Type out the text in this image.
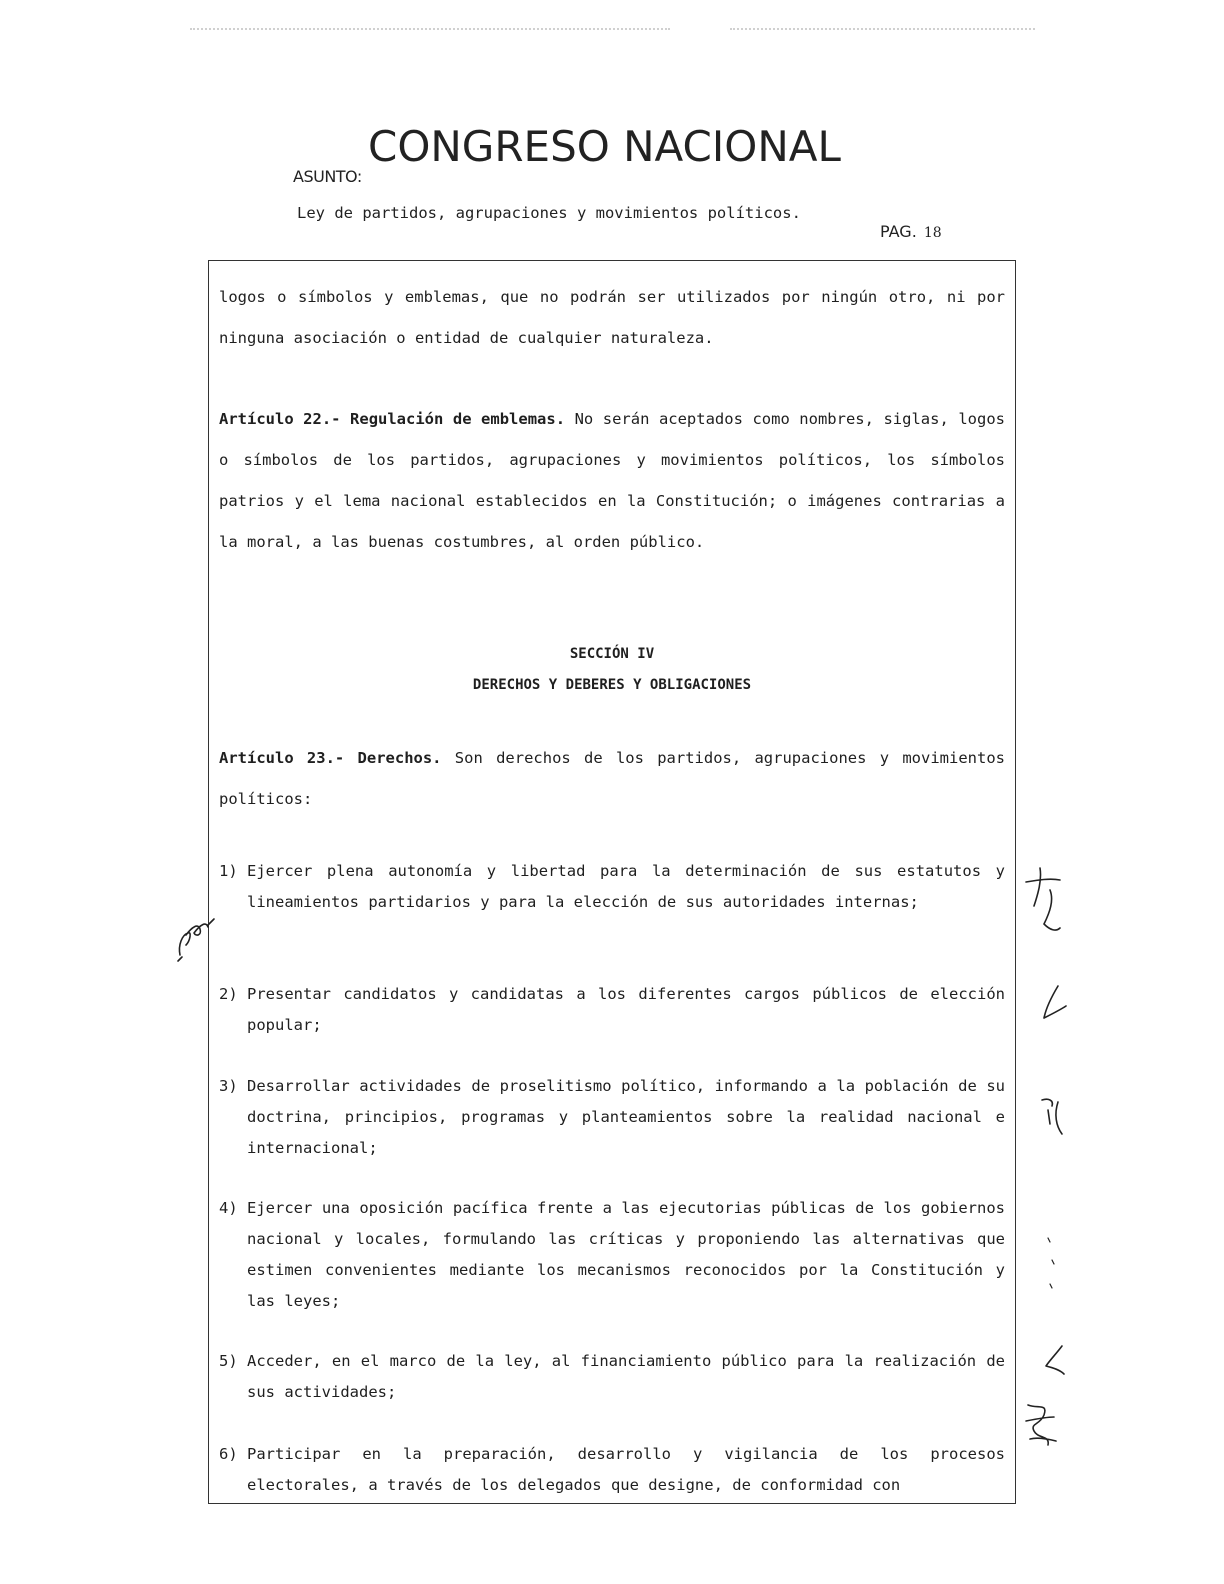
CONGRESO NACIONAL
ASUNTO:
Ley de partidos, agrupaciones y movimientos políticos.
PAG. 18
logos o símbolos y emblemas, que no podrán ser utilizados por ningún otro, ni por ninguna asociación o entidad de cualquier naturaleza.
Artículo 22.- Regulación de emblemas. No serán aceptados como nombres, siglas, logos o símbolos de los partidos, agrupaciones y movimientos políticos, los símbolos patrios y el lema nacional establecidos en la Constitución; o imágenes contrarias a la moral, a las buenas costumbres, al orden público.
SECCIÓN IV
DERECHOS Y DEBERES Y OBLIGACIONES
Artículo 23.- Derechos. Son derechos de los partidos, agrupaciones y movimientos políticos:
1) Ejercer plena autonomía y libertad para la determinación de sus estatutos y lineamientos partidarios y para la elección de sus autoridades internas;
2) Presentar candidatos y candidatas a los diferentes cargos públicos de elección popular;
3) Desarrollar actividades de proselitismo político, informando a la población de su doctrina, principios, programas y planteamientos sobre la realidad nacional e internacional;
4) Ejercer una oposición pacífica frente a las ejecutorias públicas de los gobiernos nacional y locales, formulando las críticas y proponiendo las alternativas que estimen convenientes mediante los mecanismos reconocidos por la Constitución y las leyes;
5) Acceder, en el marco de la ley, al financiamiento público para la realización de sus actividades;
6) Participar en la preparación, desarrollo y vigilancia de los procesos electorales, a través de los delegados que designe, de conformidad con
